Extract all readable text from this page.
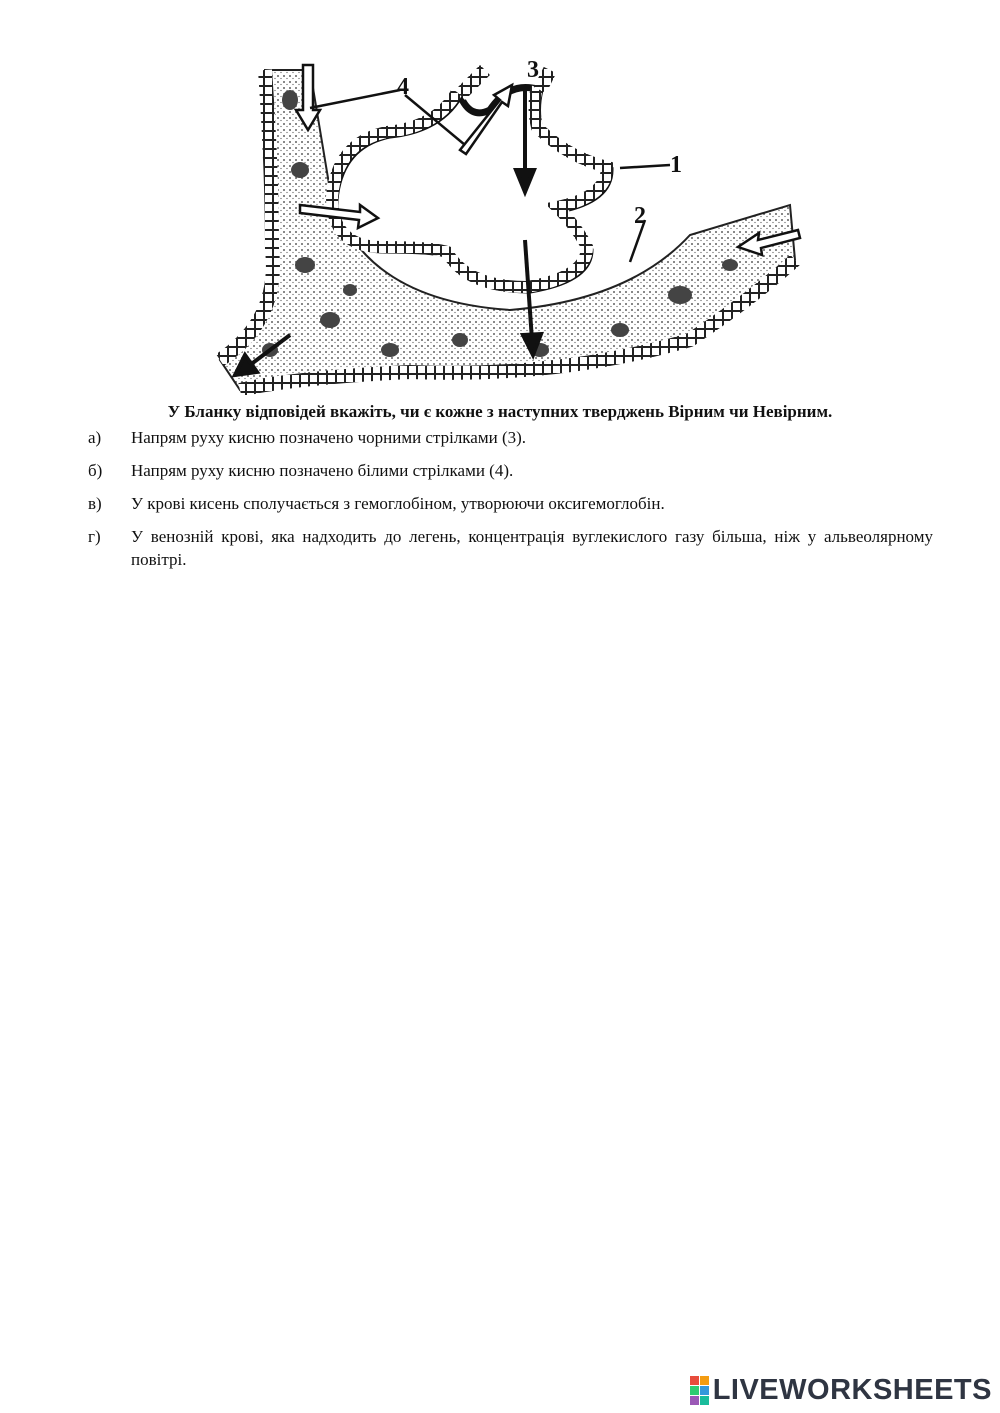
1
2
3
4
У Бланку відповідей вкажіть, чи є кожне з наступних тверджень Вірним чи Невірним.
а)	Напрям руху кисню позначено чорними стрілками (3).
б)	Напрям руху кисню позначено білими стрілками (4).
в)	У крові кисень сполучається з гемоглобіном, утворюючи оксигемоглобін.
г)	У венозній крові, яка надходить до легень, концентрація вуглекислого газу більша, ніж у альвеолярному повітрі.
LIVEWORKSHEETS
